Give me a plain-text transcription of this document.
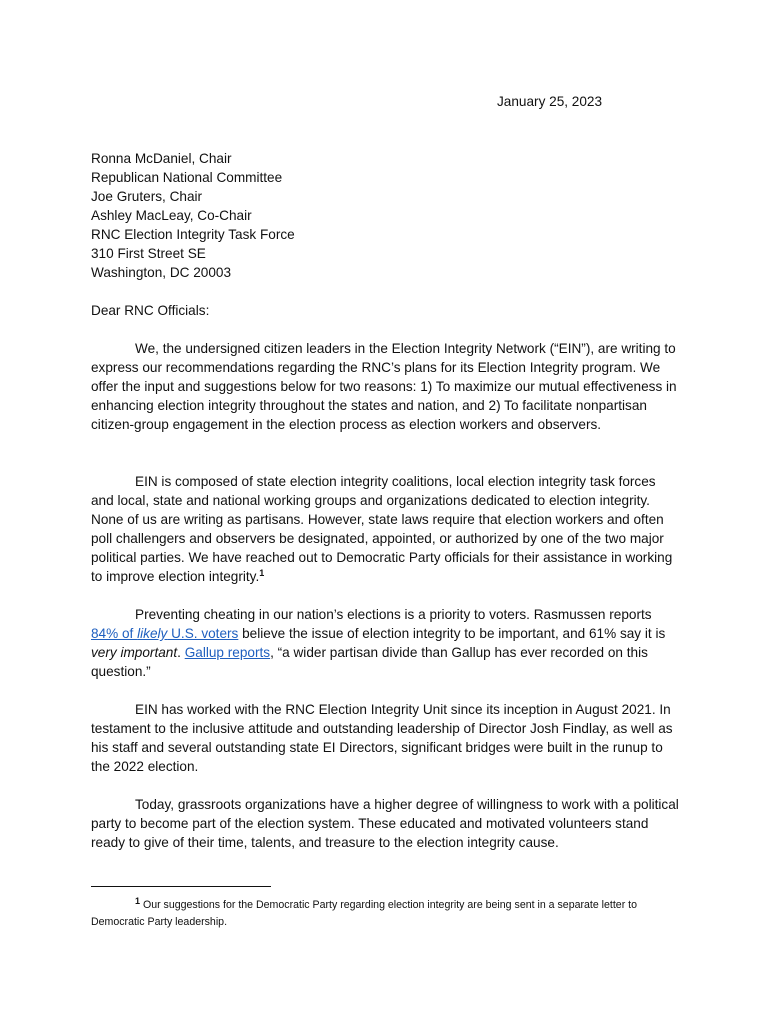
January 25, 2023
Ronna McDaniel, Chair
Republican National Committee
Joe Gruters, Chair
Ashley MacLeay, Co-Chair
RNC Election Integrity Task Force
310 First Street SE
Washington, DC 20003
Dear RNC Officials:

We, the undersigned citizen leaders in the Election Integrity Network (“EIN”), are writing to express our recommendations regarding the RNC’s plans for its Election Integrity program. We offer the input and suggestions below for two reasons: 1) To maximize our mutual effectiveness in enhancing election integrity throughout the states and nation, and 2) To facilitate nonpartisan citizen-group engagement in the election process as election workers and observers.

EIN is composed of state election integrity coalitions, local election integrity task forces and local, state and national working groups and organizations dedicated to election integrity. None of us are writing as partisans. However, state laws require that election workers and often poll challengers and observers be designated, appointed, or authorized by one of the two major political parties. We have reached out to Democratic Party officials for their assistance in working to improve election integrity.$^1$

Preventing cheating in our nation’s elections is a priority to voters. Rasmussen reports 84% of likely U.S. voters believe the issue of election integrity to be important, and 61% say it is very important. Gallup reports, “a wider partisan divide than Gallup has ever recorded on this question.”

EIN has worked with the RNC Election Integrity Unit since its inception in August 2021. In testament to the inclusive attitude and outstanding leadership of Director Josh Findlay, as well as his staff and several outstanding state EI Directors, significant bridges were built in the runup to the 2022 election.

Today, grassroots organizations have a higher degree of willingness to work with a political party to become part of the election system. These educated and motivated volunteers stand ready to give of their time, talents, and treasure to the election integrity cause.

$^1$ Our suggestions for the Democratic Party regarding election integrity are being sent in a separate letter to Democratic Party leadership.
